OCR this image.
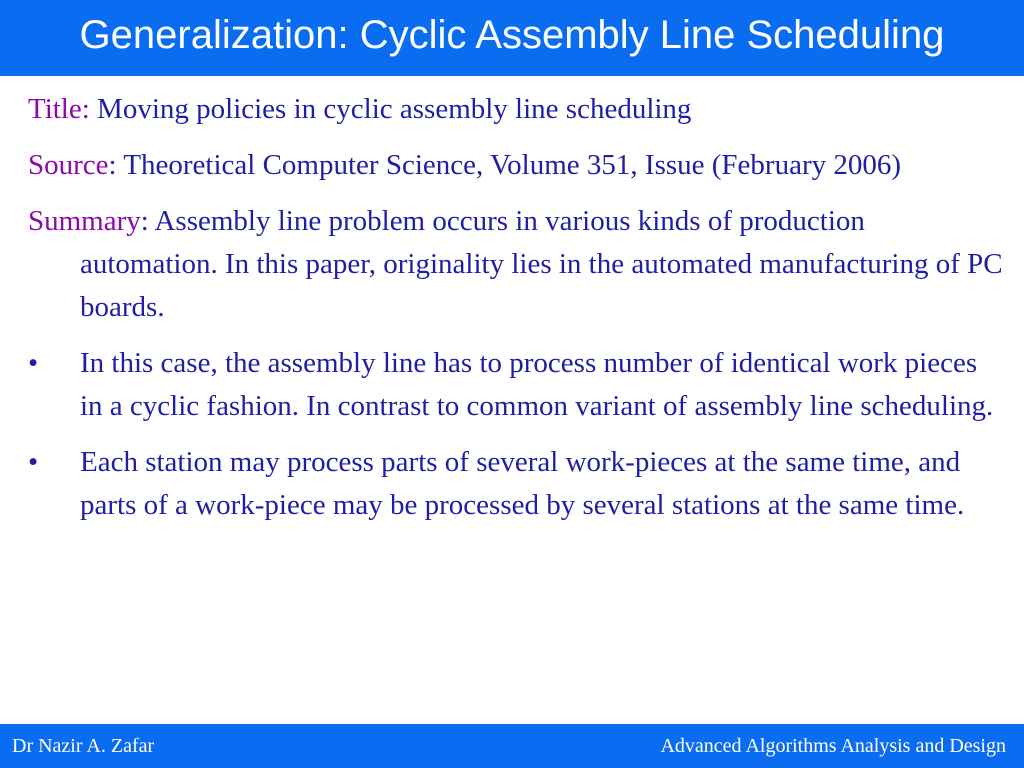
Generalization: Cyclic Assembly Line Scheduling

Title: Moving policies in cyclic assembly line scheduling

Source: Theoretical Computer Science, Volume 351, Issue (February 2006)

Summary: Assembly line problem occurs in various kinds of production automation. In this paper, originality lies in the automated manufacturing of PC boards.

•	In this case, the assembly line has to process number of identical work pieces in a cyclic fashion. In contrast to common variant of assembly line scheduling.
•	Each station may process parts of several work-pieces at the same time, and parts of a work-piece may be processed by several stations at the same time.
Dr Nazir A. Zafar	Advanced Algorithms Analysis and Design
